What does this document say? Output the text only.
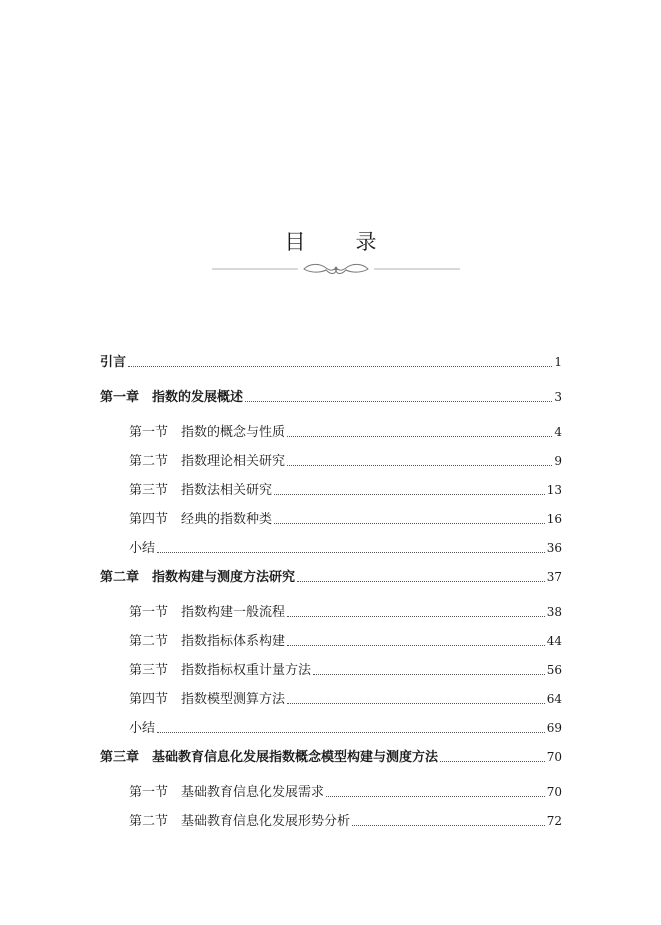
目 录
引言	1
第一章 指数的发展概述	3
第一节 指数的概念与性质	4
第二节 指数理论相关研究	9
第三节 指数法相关研究	13
第四节 经典的指数种类	16
小结	36
第二章 指数构建与测度方法研究	37
第一节 指数构建一般流程	38
第二节 指数指标体系构建	44
第三节 指数指标权重计量方法	56
第四节 指数模型测算方法	64
小结	69
第三章 基础教育信息化发展指数概念模型构建与测度方法	70
第一节 基础教育信息化发展需求	70
第二节 基础教育信息化发展形势分析	72
